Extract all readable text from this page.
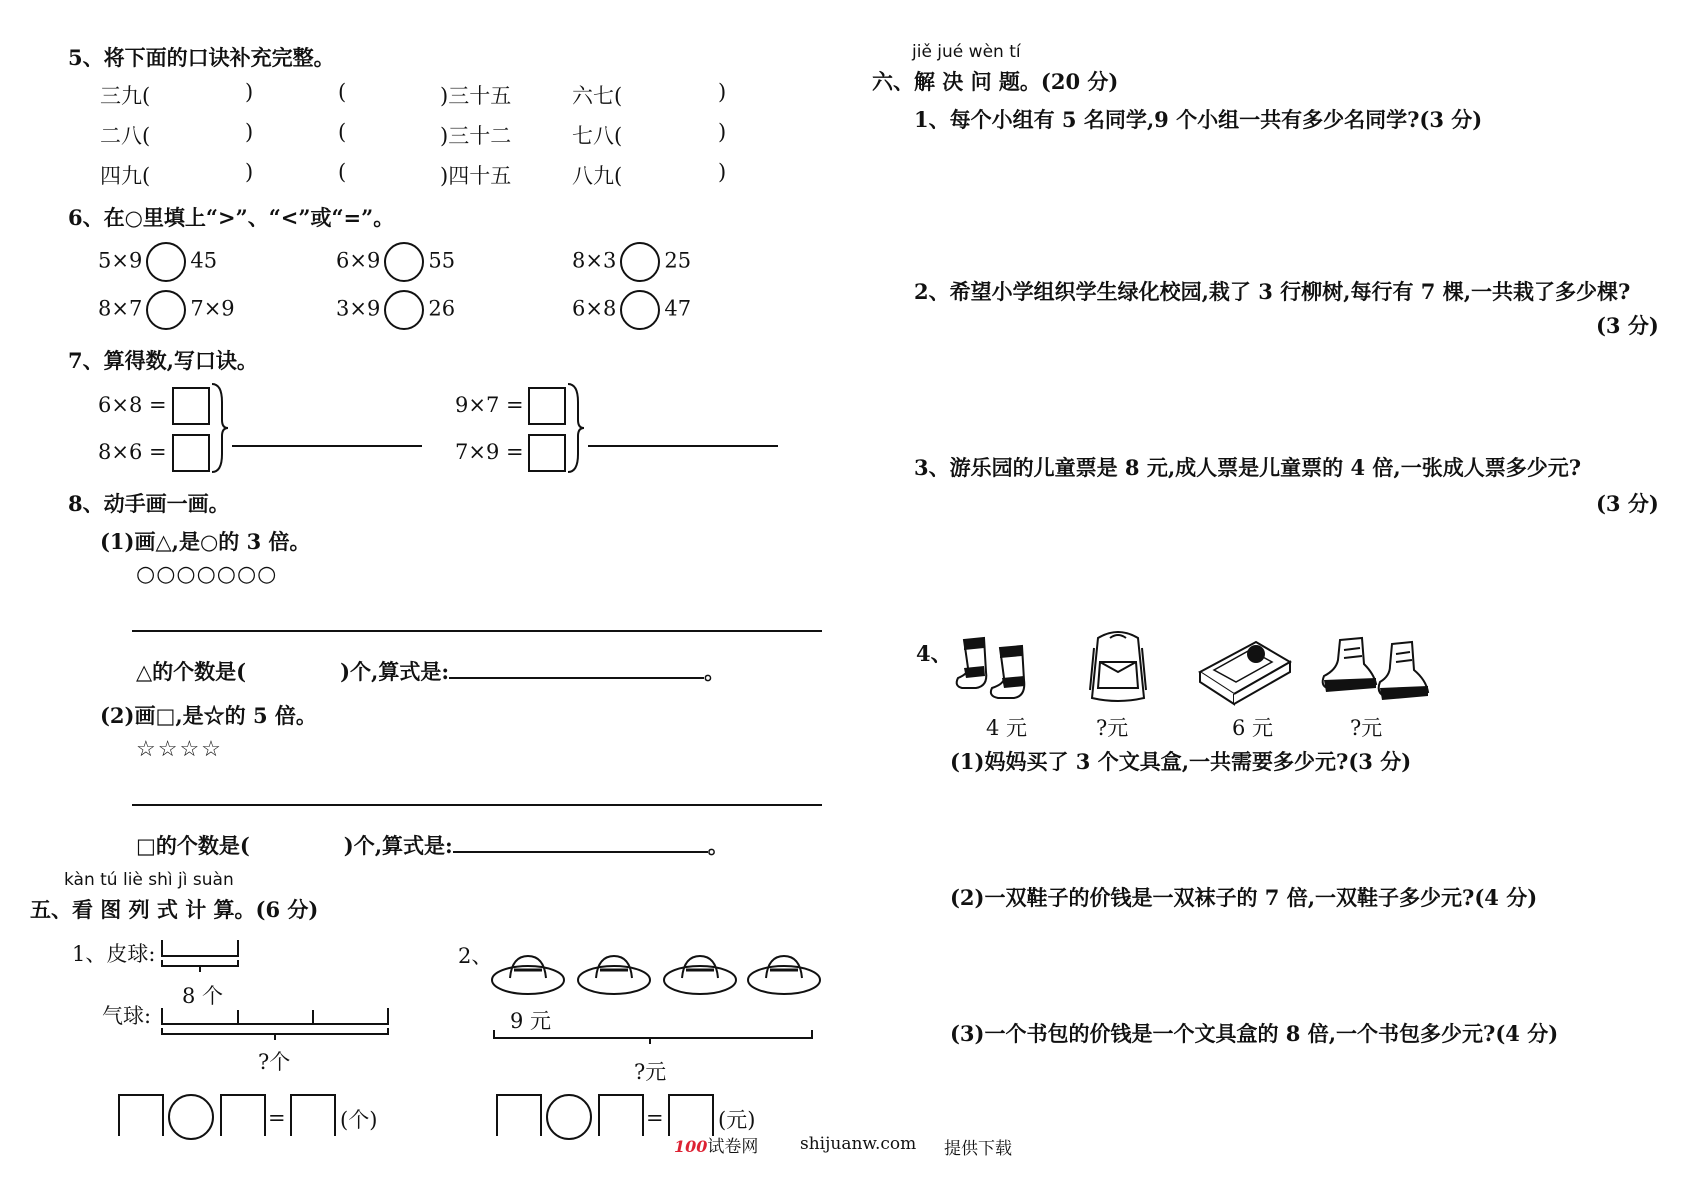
5、将下面的口诀补充完整。
三九(	)	(	)三十五	六七(	)
二八(	)	(	)三十二	七八(	)
四九(	)	(	)四十五	八九(	)
6、在○里填上“>”、“<”或“=”。
5×9 45	6×9 55	8×3 25
8×7 7×9	3×9 26	6×8 47
7、算得数,写口诀。
6×8 =
8×6 =
9×7 =
7×9 =
8、动手画一画。
(1)画△,是○的 3 倍。
○○○○○○○
△的个数是(	)个,算式是:	。
(2)画□,是☆的 5 倍。
☆☆☆☆
□的个数是(	)个,算式是:	。
kàn tú liè shì jì suàn
五、看 图 列 式 计 算。(6 分)
1、皮球:
8 个
气球:
?个
=	(个)
2、
9 元
?元
=	(元)
jiě jué wèn tí
六、解 决 问 题。(20 分)
1、每个小组有 5 名同学,9 个小组一共有多少名同学?(3 分)
2、希望小学组织学生绿化校园,栽了 3 行柳树,每行有 7 棵,一共栽了多少棵?
(3 分)
3、游乐园的儿童票是 8 元,成人票是儿童票的 4 倍,一张成人票多少元?
(3 分)
4、
4 元	?元	6 元	?元
(1)妈妈买了 3 个文具盒,一共需要多少元?(3 分)
(2)一双鞋子的价钱是一双袜子的 7 倍,一双鞋子多少元?(4 分)
(3)一个书包的价钱是一个文具盒的 8 倍,一个书包多少元?(4 分)
100试卷网 shijuanw.com 提供下载
